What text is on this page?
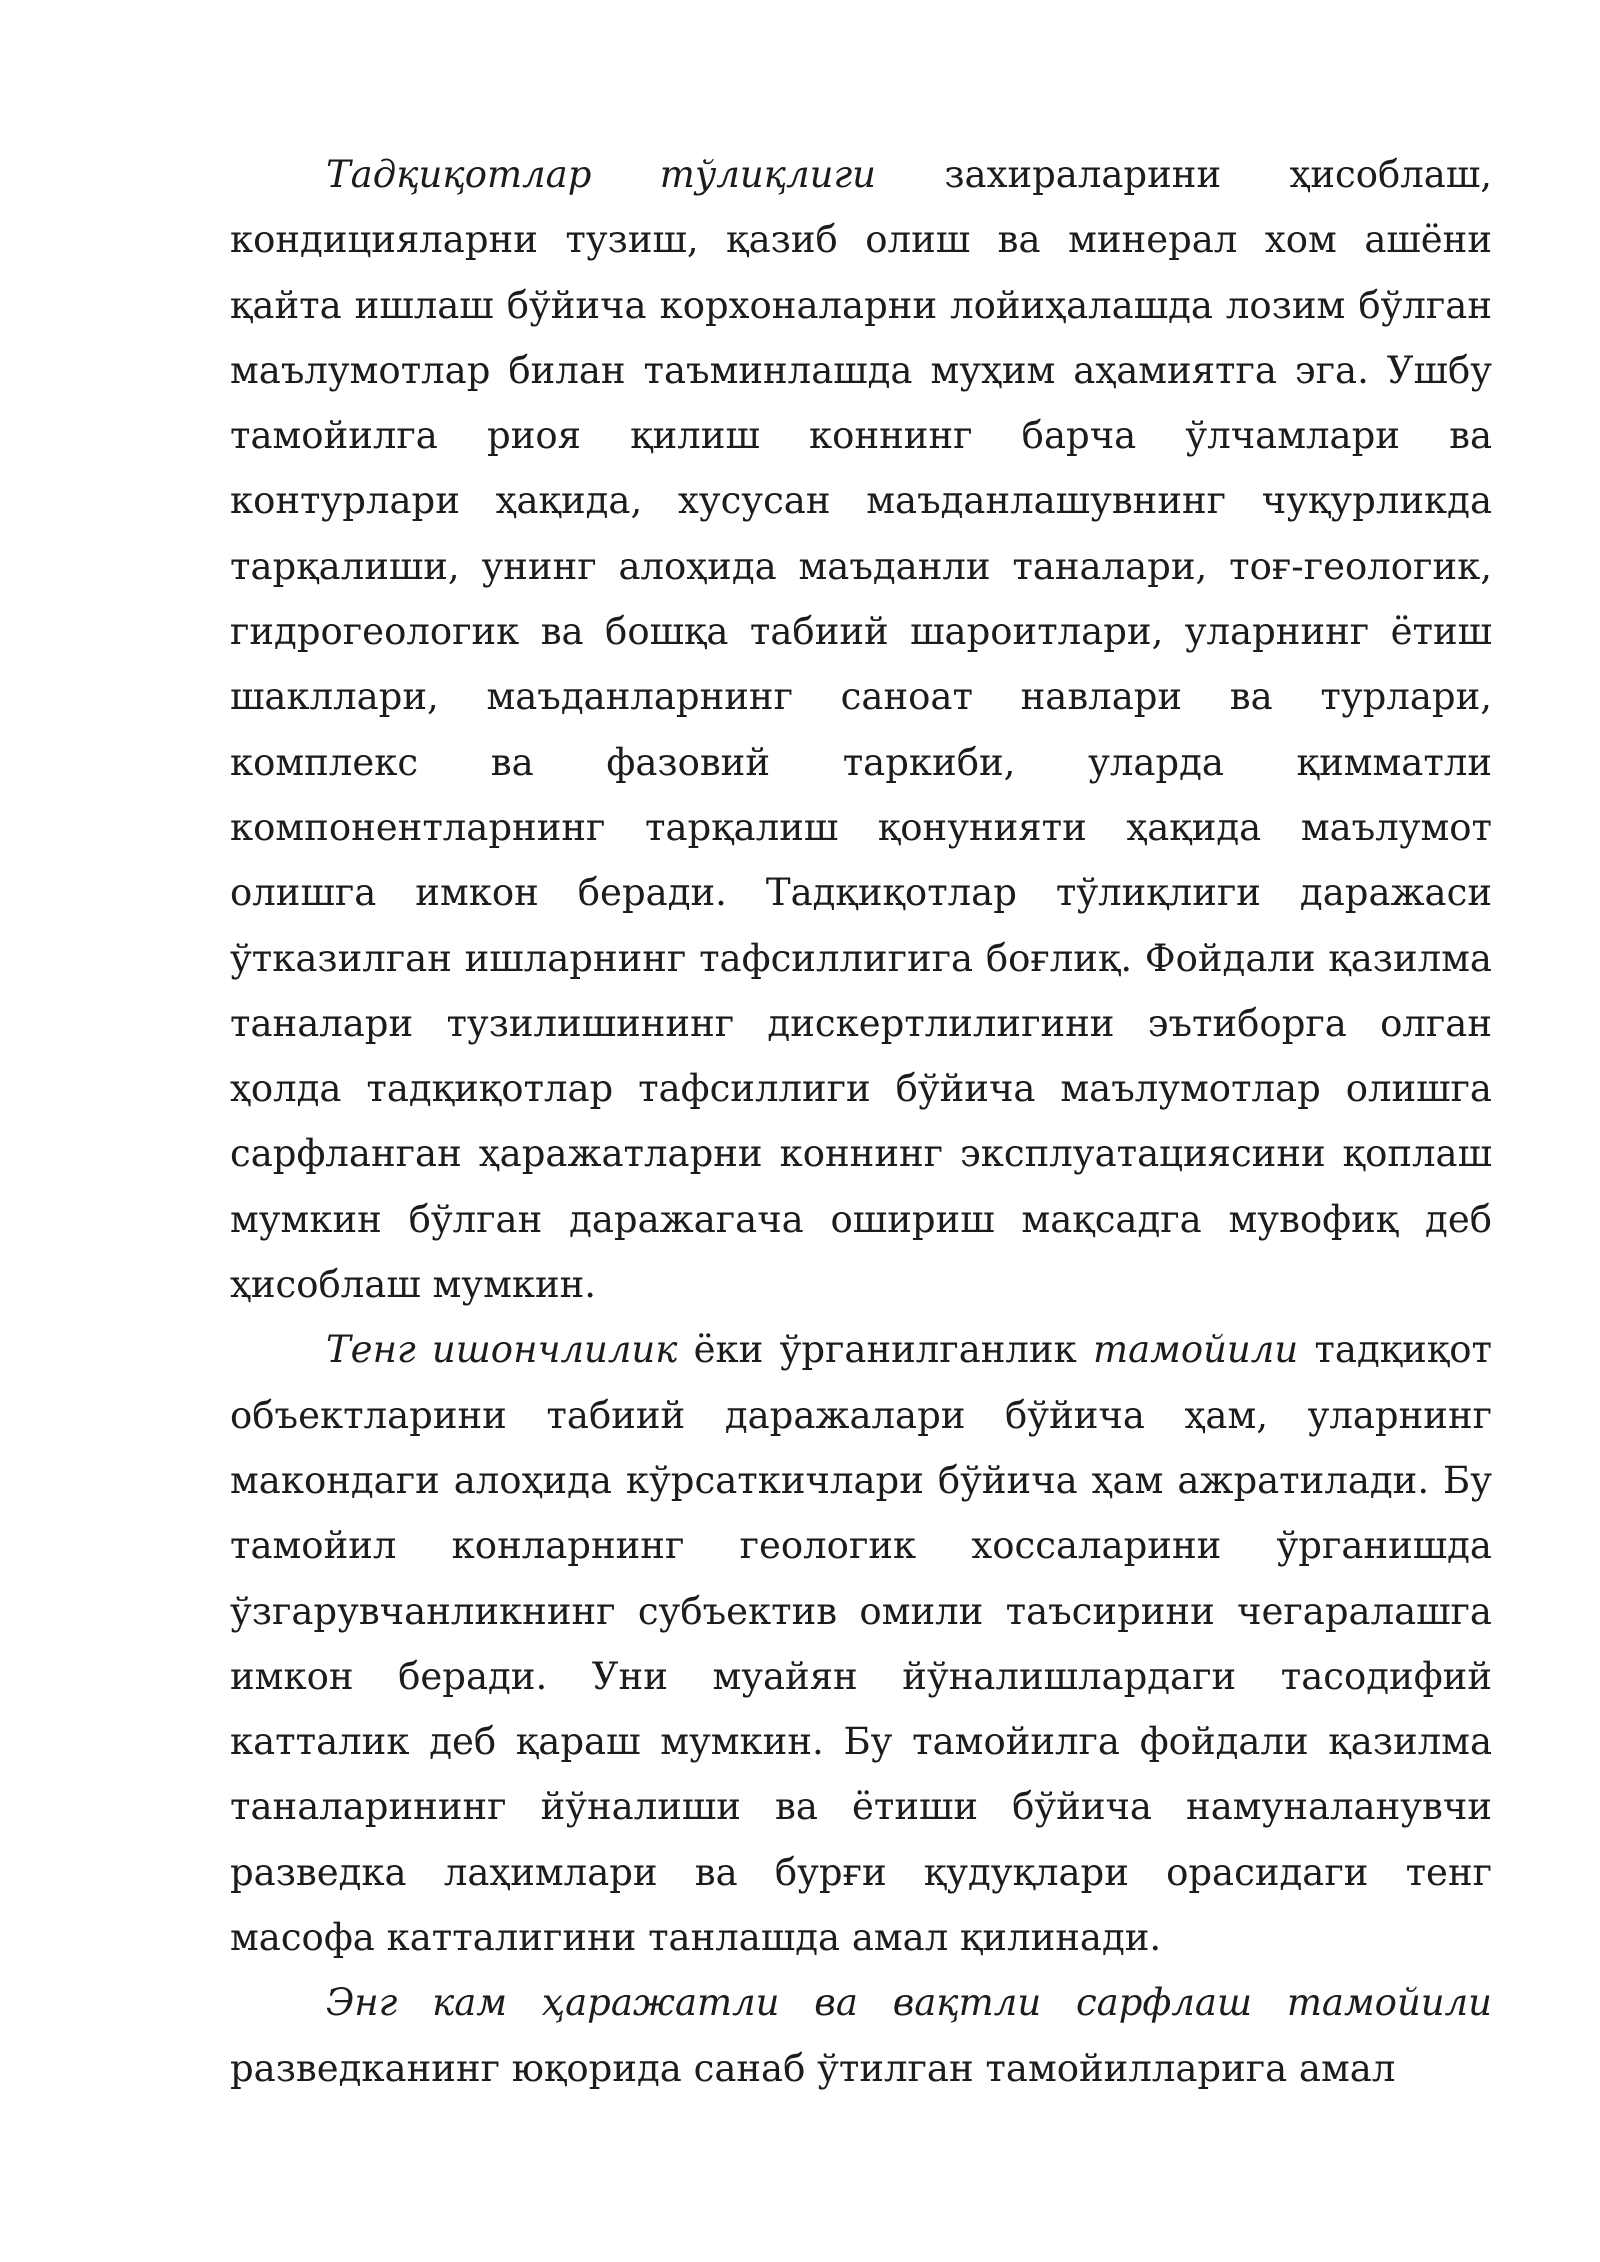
Тадқиқотлар тўлиқлиги захираларини ҳисоблаш, кондицияларни тузиш, қазиб олиш ва минерал хом ашёни қайта ишлаш бўйича корхоналарни лойиҳалашда лозим бўлган маълумотлар билан таъминлашда муҳим аҳамиятга эга. Ушбу тамойилга риоя қилиш коннинг барча ўлчамлари ва контурлари ҳақида, хусусан маъданлашувнинг чуқурликда тарқалиши, унинг алоҳида маъданли таналари, тоғ-геологик, гидрогеологик ва бошқа табиий шароитлари, уларнинг ётиш шакллари, маъданларнинг саноат навлари ва турлари, комплекс ва фазовий таркиби, уларда қимматли компонентларнинг тарқалиш қонунияти ҳақида маълумот олишга имкон беради. Тадқиқотлар тўлиқлиги даражаси ўтказилган ишларнинг тафсиллигига боғлиқ. Фойдали қазилма таналари тузилишининг дискертлилигини эътиборга олган ҳолда тадқиқотлар тафсиллиги бўйича маълумотлар олишга сарфланган ҳаражатларни коннинг эксплуатациясини қоплаш мумкин бўлган даражагача ошириш мақсадга мувофиқ деб ҳисоблаш мумкин.

Тенг ишончлилик ёки ўрганилганлик тамойили тадқиқот объектларини табиий даражалари бўйича ҳам, уларнинг макондаги алоҳида кўрсаткичлари бўйича ҳам ажратилади. Бу тамойил конларнинг геологик хоссаларини ўрганишда ўзгарувчанликнинг субъектив омили таъсирини чегаралашга имкон беради. Уни муайян йўналишлардаги тасодифий катталик деб қараш мумкин. Бу тамойилга фойдали қазилма таналарининг йўналиши ва ётиши бўйича намуналанувчи разведка лаҳимлари ва бурғи қудуқлари орасидаги тенг масофа катталигини танлашда амал қилинади.

Энг кам ҳаражатли ва вақтли сарфлаш тамойили разведканинг юқорида санаб ўтилган тамойилларига амал
